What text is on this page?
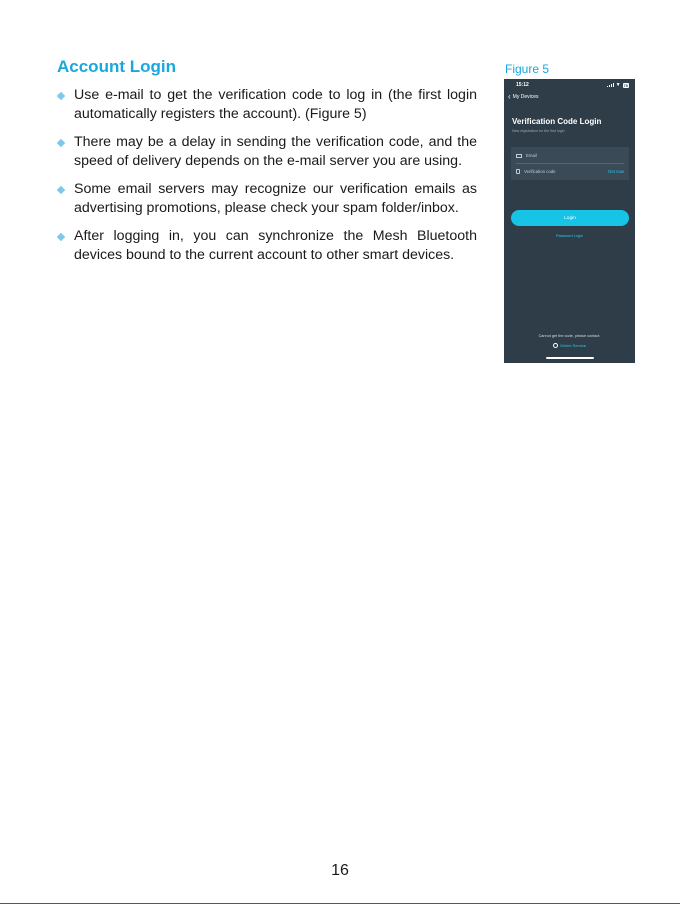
Account Login
Use e-mail to get the verification code to log in (the first login automatically registers the account). (Figure 5)
There may be a delay in sending the verification code, and the speed of delivery depends on the e-mail server you are using.
Some email servers may recognize our verification emails as advertising promotions, please check your spam folder/inbox.
After logging in, you can synchronize the Mesh Bluetooth devices bound to the current account to other smart devices.
Figure 5
15:12	▼ 70
‹ My Devices
Verification Code Login
New registration for the first login
Email
Verification code	Get now
Login
Password Login
Cannot get the code, please contact:
Online Service
16
